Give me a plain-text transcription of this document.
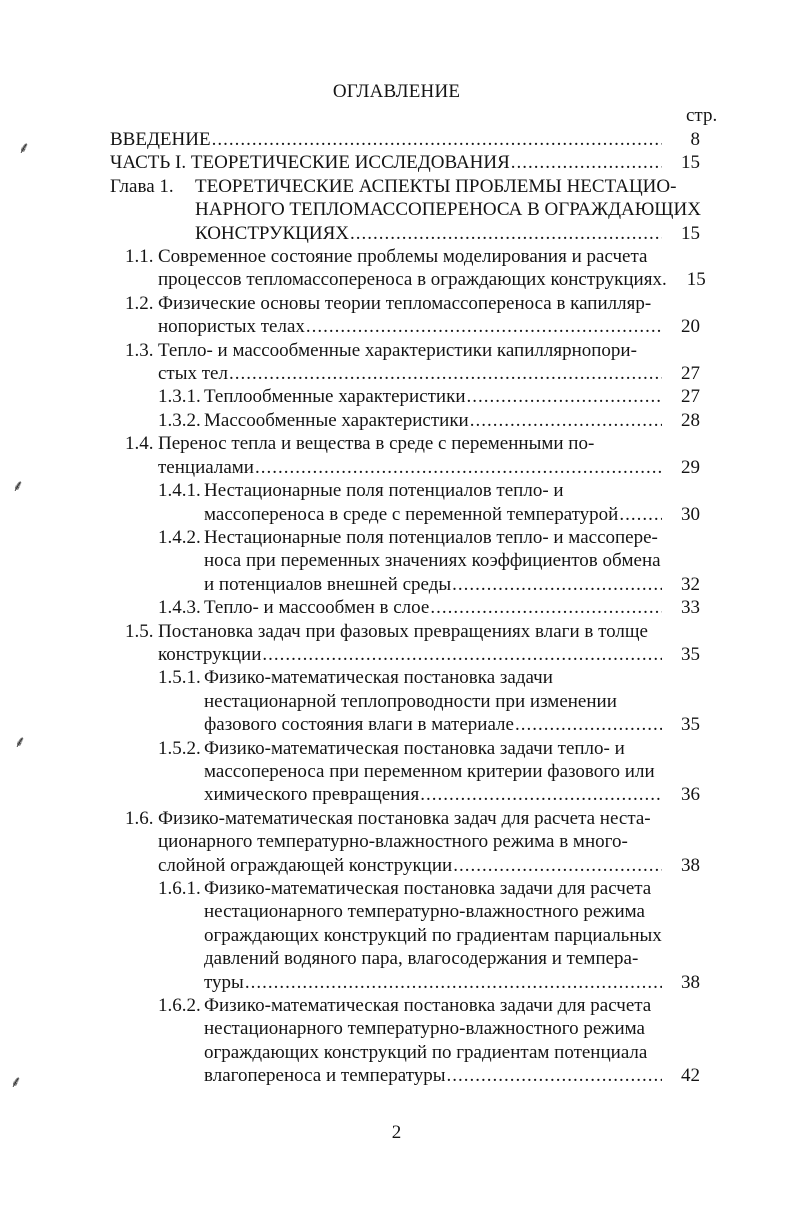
ОГЛАВЛЕНИЕ
стр.
ВВЕДЕНИЕ .....	8
ЧАСТЬ I. ТЕОРЕТИЧЕСКИЕ ИССЛЕДОВАНИЯ .....	15
Глава 1.	ТЕОРЕТИЧЕСКИЕ АСПЕКТЫ ПРОБЛЕМЫ НЕСТАЦИО-
НАРНОГО ТЕПЛОМАССОПЕРЕНОСА В ОГРАЖДАЮЩИХ
КОНСТРУКЦИЯХ .....	15
1.1. Современное состояние проблемы моделирования и расчета
процессов тепломассопереноса в ограждающих конструкциях. .....	15
1.2. Физические основы теории тепломассопереноса в капилляр-
нопористых телах .....	20
1.3. Тепло- и массообменные характеристики капиллярнопори-
стых тел .....	27
1.3.1. Теплообменные характеристики .....	27
1.3.2. Массообменные характеристики .....	28
1.4. Перенос тепла и вещества в среде с переменными по-
тенциалами .....	29
1.4.1. Нестационарные поля потенциалов тепло- и
массопереноса в среде с переменной температурой .....	30
1.4.2. Нестационарные поля потенциалов тепло- и массопере-
носа при переменных значениях коэффициентов обмена
и потенциалов внешней среды .....	32
1.4.3. Тепло- и массообмен в слое .....	33
1.5. Постановка задач при фазовых превращениях влаги в толще
конструкции .....	35
1.5.1. Физико-математическая постановка задачи
нестационарной теплопроводности при изменении
фазового состояния влаги в материале .....	35
1.5.2. Физико-математическая постановка задачи тепло- и
массопереноса при переменном критерии фазового или
химического превращения .....	36
1.6. Физико-математическая постановка задач для расчета неста-
ционарного температурно-влажностного режима в много-
слойной ограждающей конструкции .....	38
1.6.1. Физико-математическая постановка задачи для расчета
нестационарного температурно-влажностного режима
ограждающих конструкций по градиентам парциальных
давлений водяного пара, влагосодержания и темпера-
туры .....	38
1.6.2. Физико-математическая постановка задачи для расчета
нестационарного температурно-влажностного режима
ограждающих конструкций по градиентам потенциала
влагопереноса и температуры .....	42
2
⸙
⸙
⸙
⸙
